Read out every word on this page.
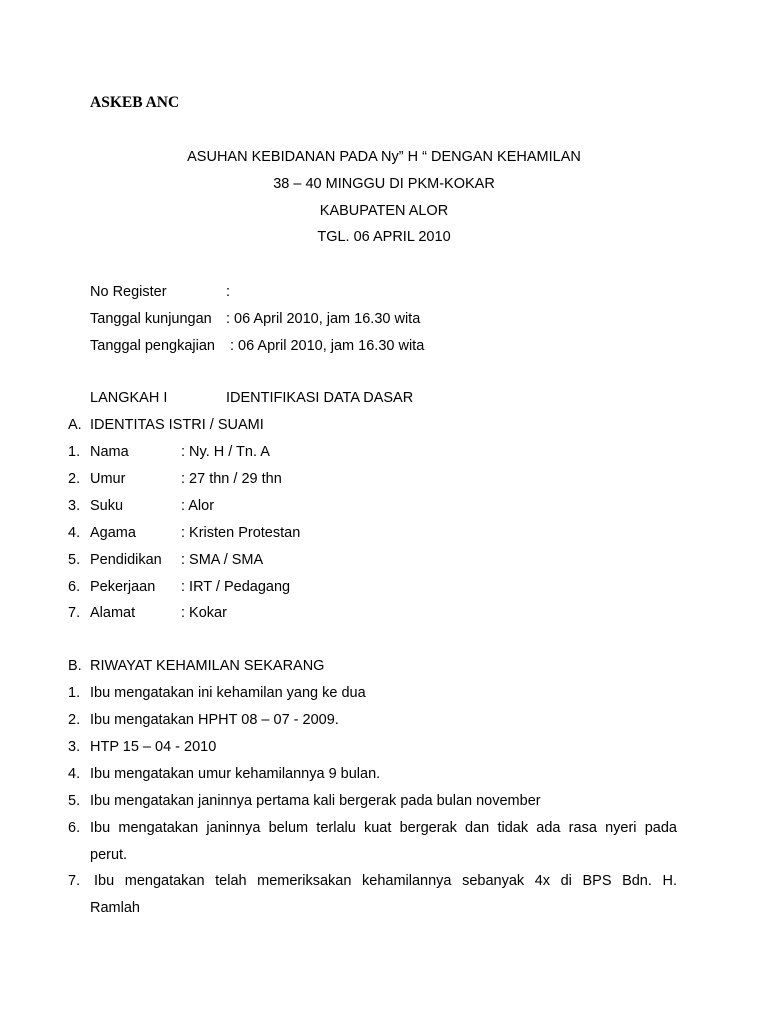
ASKEB ANC
ASUHAN KEBIDANAN PADA Ny” H “ DENGAN KEHAMILAN
38 – 40 MINGGU DI PKM-KOKAR
KABUPATEN ALOR
TGL. 06 APRIL 2010
No Register	:
Tanggal kunjungan : 06 April 2010, jam 16.30 wita
Tanggal pengkajian : 06 April 2010, jam 16.30 wita
LANGKAH I	IDENTIFIKASI DATA DASAR
A. IDENTITAS ISTRI / SUAMI
1. Nama	: Ny. H / Tn. A
2. Umur	: 27 thn / 29 thn
3. Suku	: Alor
4. Agama	: Kristen Protestan
5. Pendidikan : SMA / SMA
6. Pekerjaan : IRT / Pedagang
7. Alamat	: Kokar
B. RIWAYAT KEHAMILAN SEKARANG
1. Ibu mengatakan ini kehamilan yang ke dua
2. Ibu mengatakan HPHT 08 – 07 - 2009.
3. HTP 15 – 04 - 2010
4. Ibu mengatakan umur kehamilannya 9 bulan.
5. Ibu mengatakan janinnya pertama kali bergerak pada bulan november
6. Ibu mengatakan janinnya belum terlalu kuat bergerak dan tidak ada rasa nyeri pada
perut.
7. Ibu mengatakan telah memeriksakan kehamilannya sebanyak 4x di BPS Bdn. H.
Ramlah
